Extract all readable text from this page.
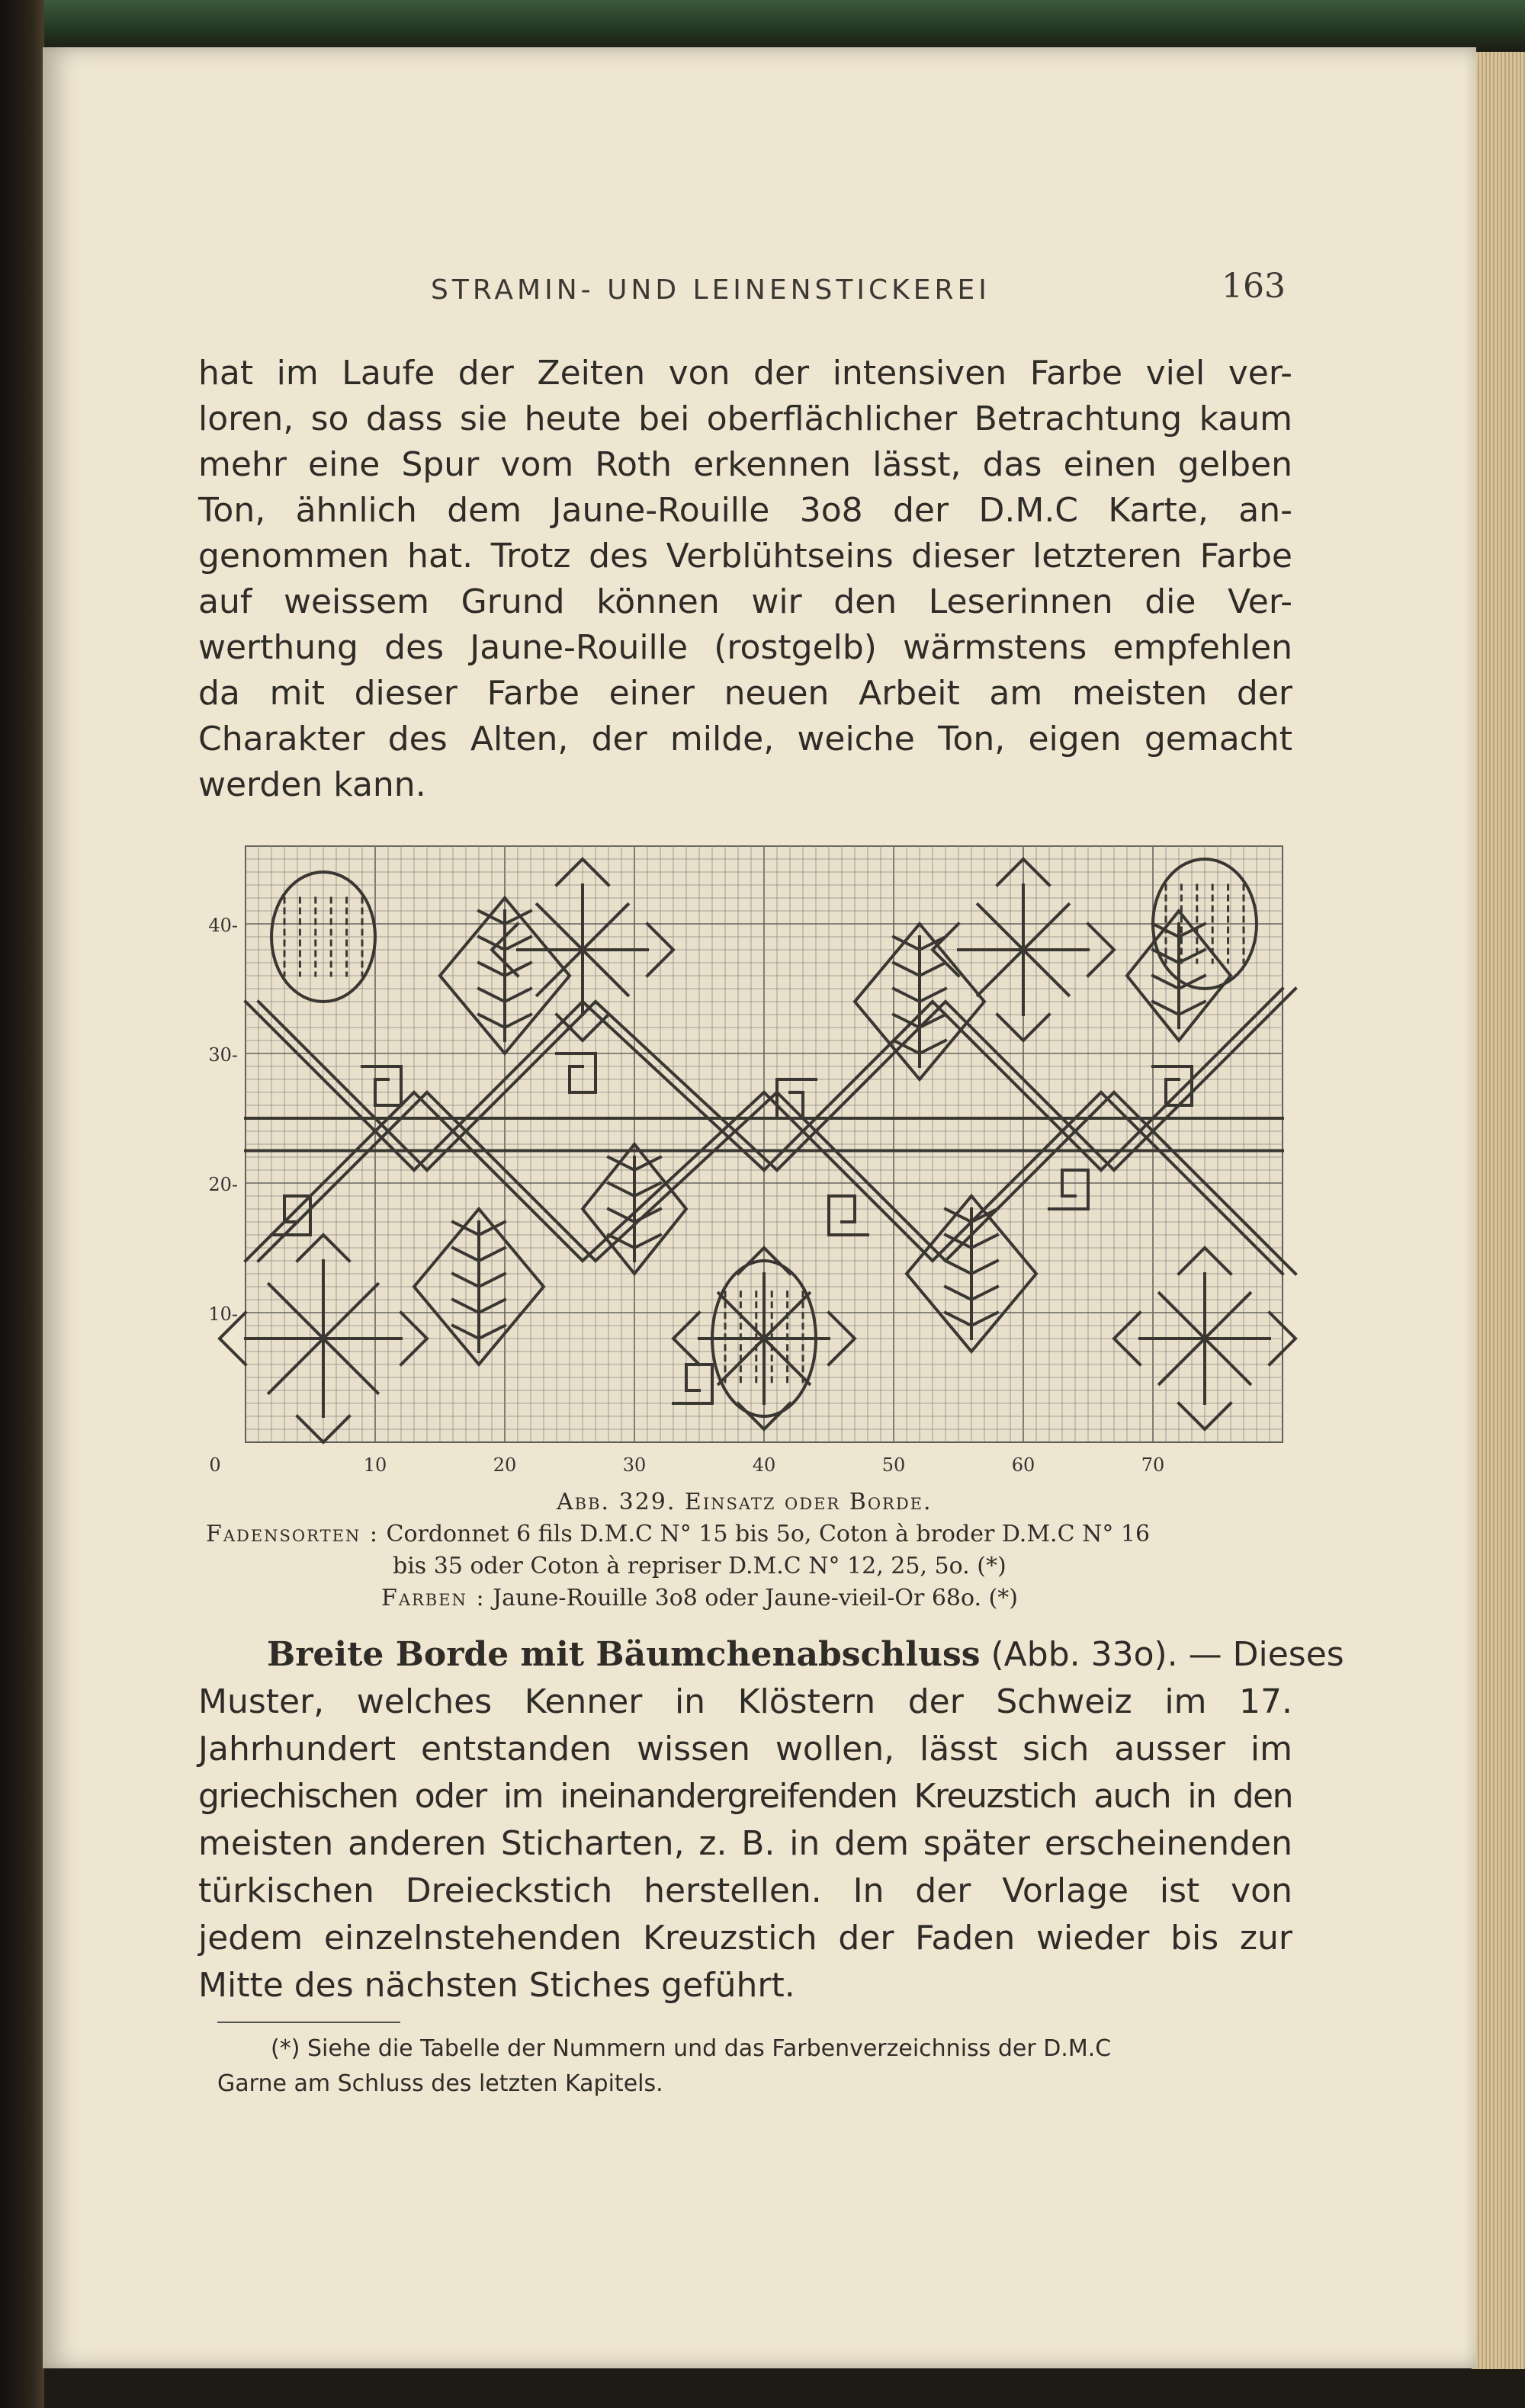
STRAMIN- UND LEINENSTICKEREI	163
hat im Laufe der Zeiten von der intensiven Farbe viel ver-
loren, so dass sie heute bei oberflächlicher Betrachtung kaum
mehr eine Spur vom Roth erkennen lässt, das einen gelben
Ton, ähnlich dem Jaune-Rouille 3o8 der D.M.C Karte, an-
genommen hat. Trotz des Verblühtseins dieser letzteren Farbe
auf weissem Grund können wir den Leserinnen die Ver-
werthung des Jaune-Rouille (rostgelb) wärmstens empfehlen
da mit dieser Farbe einer neuen Arbeit am meisten der
Charakter des Alten, der milde, weiche Ton, eigen gemacht
werden kann.
40-
30-
20-
10-
0	10	20	30	40	50	60	70
Abb. 329. Einsatz oder Borde.
Fadensorten : Cordonnet 6 fils D.M.C N° 15 bis 5o, Coton à broder D.M.C N° 16
bis 35 oder Coton à repriser D.M.C N° 12, 25, 5o. (*)
Farben : Jaune-Rouille 3o8 oder Jaune-vieil-Or 68o. (*)
Breite Borde mit Bäumchenabschluss (Abb. 33o). — Dieses
Muster, welches Kenner in Klöstern der Schweiz im 17.
Jahrhundert entstanden wissen wollen, lässt sich ausser im
griechischen oder im ineinandergreifenden Kreuzstich auch in den
meisten anderen Sticharten, z. B. in dem später erscheinenden
türkischen Dreieckstich herstellen. In der Vorlage ist von
jedem einzelnstehenden Kreuzstich der Faden wieder bis zur
Mitte des nächsten Stiches geführt.
(*) Siehe die Tabelle der Nummern und das Farbenverzeichniss der D.M.C
Garne am Schluss des letzten Kapitels.
